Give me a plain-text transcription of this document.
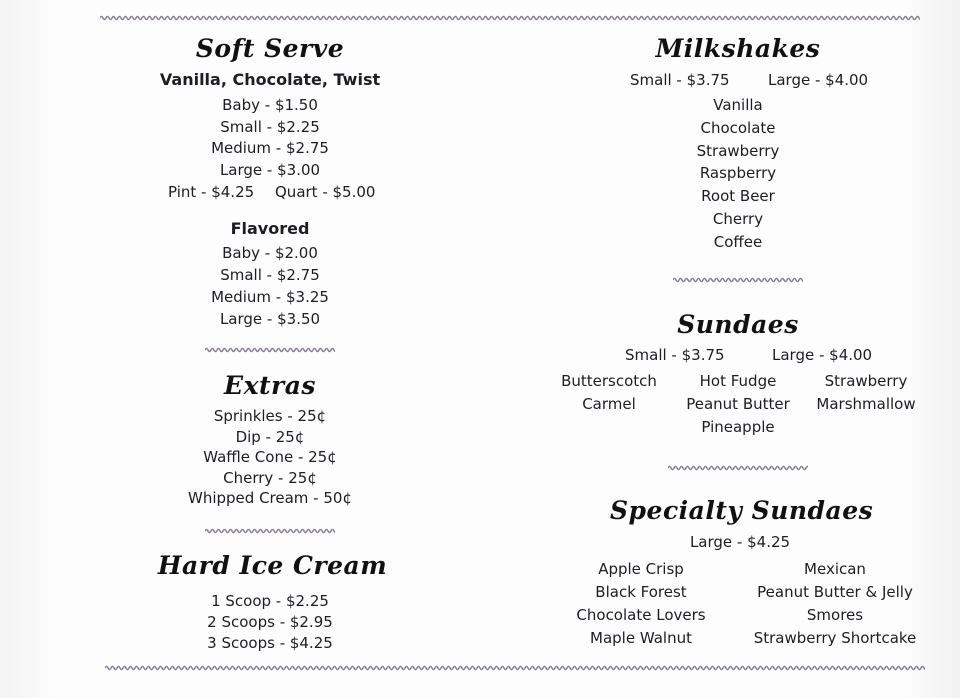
Soft Serve
Vanilla, Chocolate, Twist
Baby - $1.50
Small - $2.25
Medium - $2.75
Large - $3.00
Pint - $4.25 Quart - $5.00
Flavored
Baby - $2.00
Small - $2.75
Medium - $3.25
Large - $3.50
Extras
Sprinkles - 25¢
Dip - 25¢
Waffle Cone - 25¢
Cherry - 25¢
Whipped Cream - 50¢
Hard Ice Cream
1 Scoop - $2.25
2 Scoops - $2.95
3 Scoops - $4.25
Milkshakes
Small - $3.75	Large - $4.00
Vanilla
Chocolate
Strawberry
Raspberry
Root Beer
Cherry
Coffee
Sundaes
Small - $3.75	Large - $4.00
Butterscotch
Carmel
Hot Fudge
Peanut Butter
Pineapple
Strawberry
Marshmallow
Specialty Sundaes
Large - $4.25
Apple Crisp
Black Forest
Chocolate Lovers
Maple Walnut
Mexican
Peanut Butter & Jelly
Smores
Strawberry Shortcake
